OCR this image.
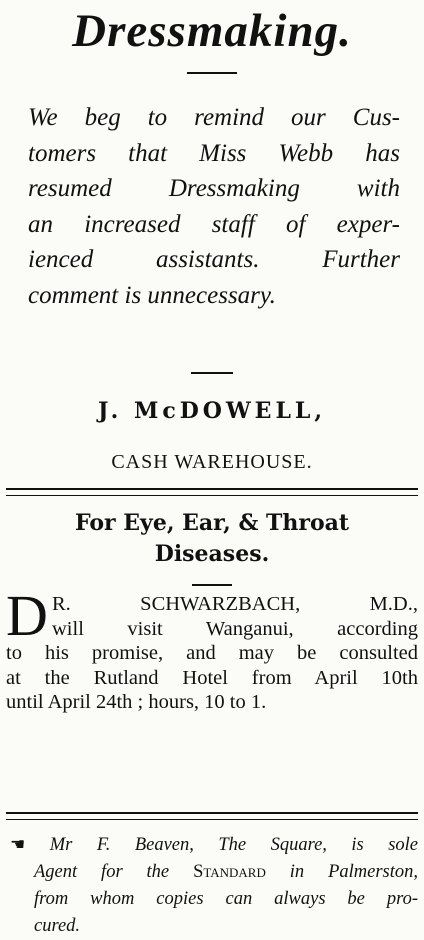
Dressmaking.
We beg to remind our Cus-
tomers that Miss Webb has
resumed Dressmaking with
an increased staff of exper-
ienced assistants. Further
comment is unnecessary.
J. McDOWELL,
CASH WAREHOUSE.
For Eye, Ear, & Throat
Diseases.
D R. SCHWARZBACH, M.D.,
will visit Wanganui, according
to his promise, and may be consulted
at the Rutland Hotel from April 10th
until April 24th ; hours, 10 to 1.
☛ Mr F. Beaven, The Square, is sole
Agent for the Standard in Palmerston,
from whom copies can always be pro-
cured.
